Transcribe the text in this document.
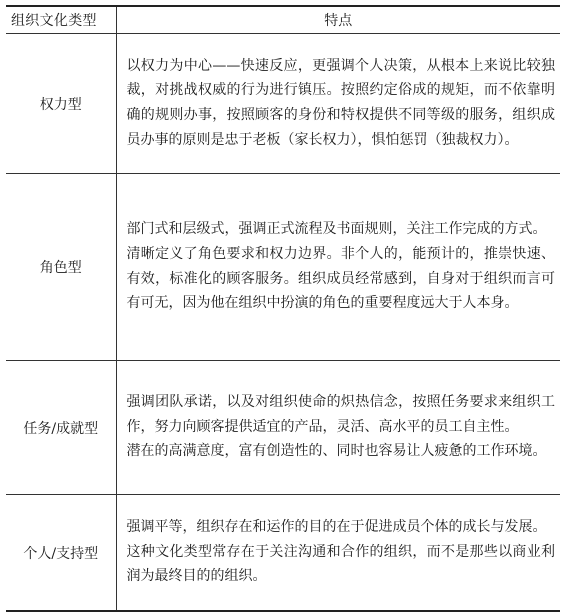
组织文化类型	特点
权力型	以权力为中心——快速反应，更强调个人决策，从根本上来说比较独裁，对挑战权威的行为进行镇压。按照约定俗成的规矩，而不依靠明确的规则办事，按照顾客的身份和特权提供不同等级的服务，组织成员办事的原则是忠于老板（家长权力），惧怕惩罚（独裁权力）。

角色型	部门式和层级式，强调正式流程及书面规则，关注工作完成的方式。

清晰定义了角色要求和权力边界。非个人的，能预计的，推崇快速、有效，标准化的顾客服务。组织成员经常感到，自身对于组织而言可有可无，因为他在组织中扮演的角色的重要程度远大于人本身。

任务/成就型	强调团队承诺，以及对组织使命的炽热信念，按照任务要求来组织工作，努力向顾客提供适宜的产品，灵活、高水平的员工自主性。

潜在的高满意度，富有创造性的、同时也容易让人疲惫的工作环境。

个人/支持型	强调平等，组织存在和运作的目的在于促进成员个体的成长与发展。

这种文化类型常存在于关注沟通和合作的组织，而不是那些以商业利润为最终目的的组织。
